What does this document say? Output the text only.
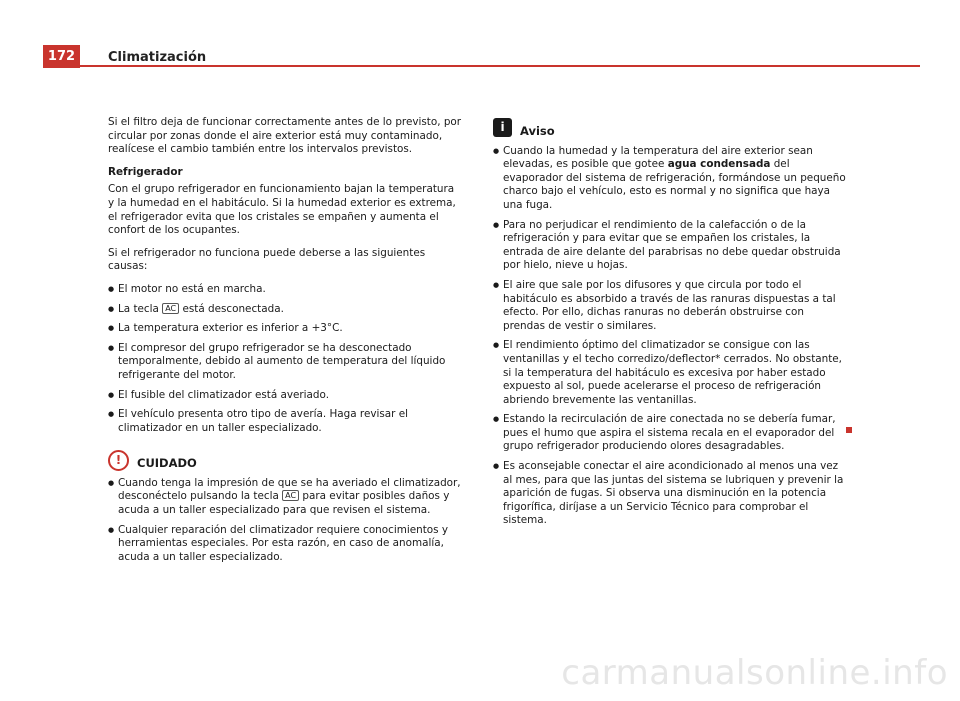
172	Climatización

Si el filtro deja de funcionar correctamente antes de lo previsto, por circular por zonas donde el aire exterior está muy contaminado, realícese el cambio también entre los intervalos previstos.

Refrigerador

Con el grupo refrigerador en funcionamiento bajan la temperatura y la humedad en el habitáculo. Si la humedad exterior es extrema, el refrigerador evita que los cristales se empañen y aumenta el confort de los ocupantes.

Si el refrigerador no funciona puede deberse a las siguientes causas:

● El motor no está en marcha.
● La tecla AC está desconectada.
● La temperatura exterior es inferior a +3°C.
● El compresor del grupo refrigerador se ha desconectado temporalmente, debido al aumento de temperatura del líquido refrigerante del motor.
● El fusible del climatizador está averiado.
● El vehículo presenta otro tipo de avería. Haga revisar el climatizador en un taller especializado.
!	CUIDADO
● Cuando tenga la impresión de que se ha averiado el climatizador, desconéctelo pulsando la tecla AC para evitar posibles daños y acuda a un taller especializado para que revisen el sistema.
● Cualquier reparación del climatizador requiere conocimientos y herramientas especiales. Por esta razón, en caso de anomalía, acuda a un taller especializado.
i	Aviso
● Cuando la humedad y la temperatura del aire exterior sean elevadas, es posible que gotee agua condensada del evaporador del sistema de refrigeración, formándose un pequeño charco bajo el vehículo, esto es normal y no significa que haya una fuga.
● Para no perjudicar el rendimiento de la calefacción o de la refrigeración y para evitar que se empañen los cristales, la entrada de aire delante del parabrisas no debe quedar obstruida por hielo, nieve u hojas.
● El aire que sale por los difusores y que circula por todo el habitáculo es absorbido a través de las ranuras dispuestas a tal efecto. Por ello, dichas ranuras no deberán obstruirse con prendas de vestir o similares.
● El rendimiento óptimo del climatizador se consigue con las ventanillas y el techo corredizo/deflector* cerrados. No obstante, si la temperatura del habitáculo es excesiva por haber estado expuesto al sol, puede acelerarse el proceso de refrigeración abriendo brevemente las ventanillas.
● Estando la recirculación de aire conectada no se debería fumar, pues el humo que aspira el sistema recala en el evaporador del grupo refrigerador produciendo olores desagradables.
● Es aconsejable conectar el aire acondicionado al menos una vez al mes, para que las juntas del sistema se lubriquen y prevenir la aparición de fugas. Si observa una disminución en la potencia frigorífica, diríjase a un Servicio Técnico para comprobar el sistema.
carmanualsonline.info
